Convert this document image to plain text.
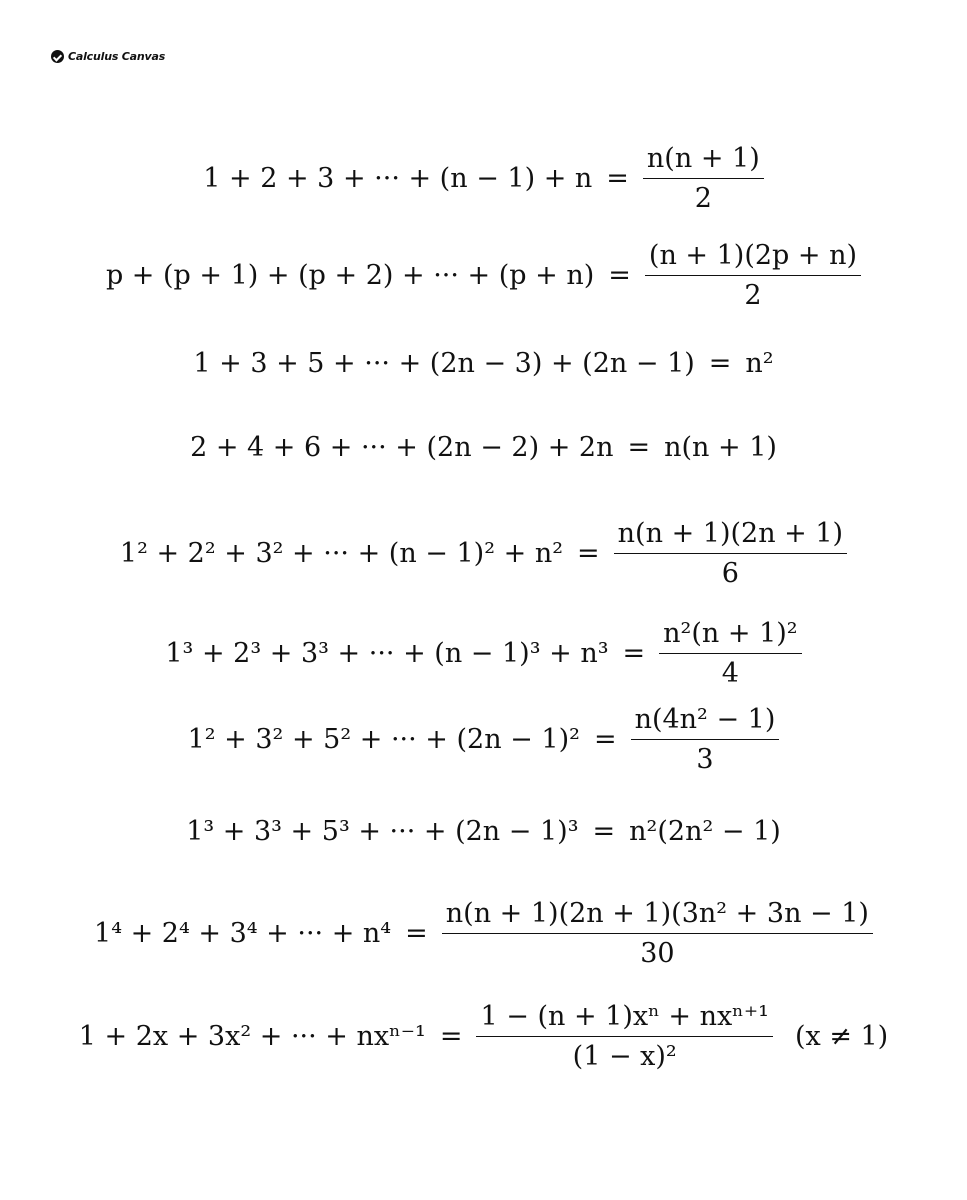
Calculus Canvas
1 + 2 + 3 + ··· + $(n - 1) + n = \frac{n(n + 1)}{2}$
p + (p + 1) + (p + 2) + ··· + $(p + n) = \frac{(n + 1)(2p + n)}{2}$
1 + 3 + 5 + ··· + (2n − 3) + (2n − 1) = n²
2 + 4 + 6 + ··· + (2n − 2) + 2n = n(n + 1)
1² + 2² + 3² + ··· + $(n - 1)^2 + n^2 = \frac{n(n + 1)(2n + 1)}{6}$
1³ + 2³ + 3³ + ··· + $(n - 1)^3 + n^3 = \frac{\text{n²(n + 1)²}}{4}$
1² + 3² + 5² + ··· + $(2n - 1)^2 = \frac{\text{n(4n² − 1)}}{3}$
1³ + 3³ + 5³ + ··· + (2n − 1)³ = n²(2n² − 1)
1⁴ + 2⁴ + 3⁴ + ··· + $n^4 = \frac{\text{n(n + 1)(2n + 1)(3n² + 3n − 1)}}{30}$
1 + 2x + 3x² + ··· + $nx^{n-1} = \frac{\text{1 − (n + 1)xⁿ + nxⁿ⁺¹}}{\text{(1 − x)²}} (x \ne 1)$
